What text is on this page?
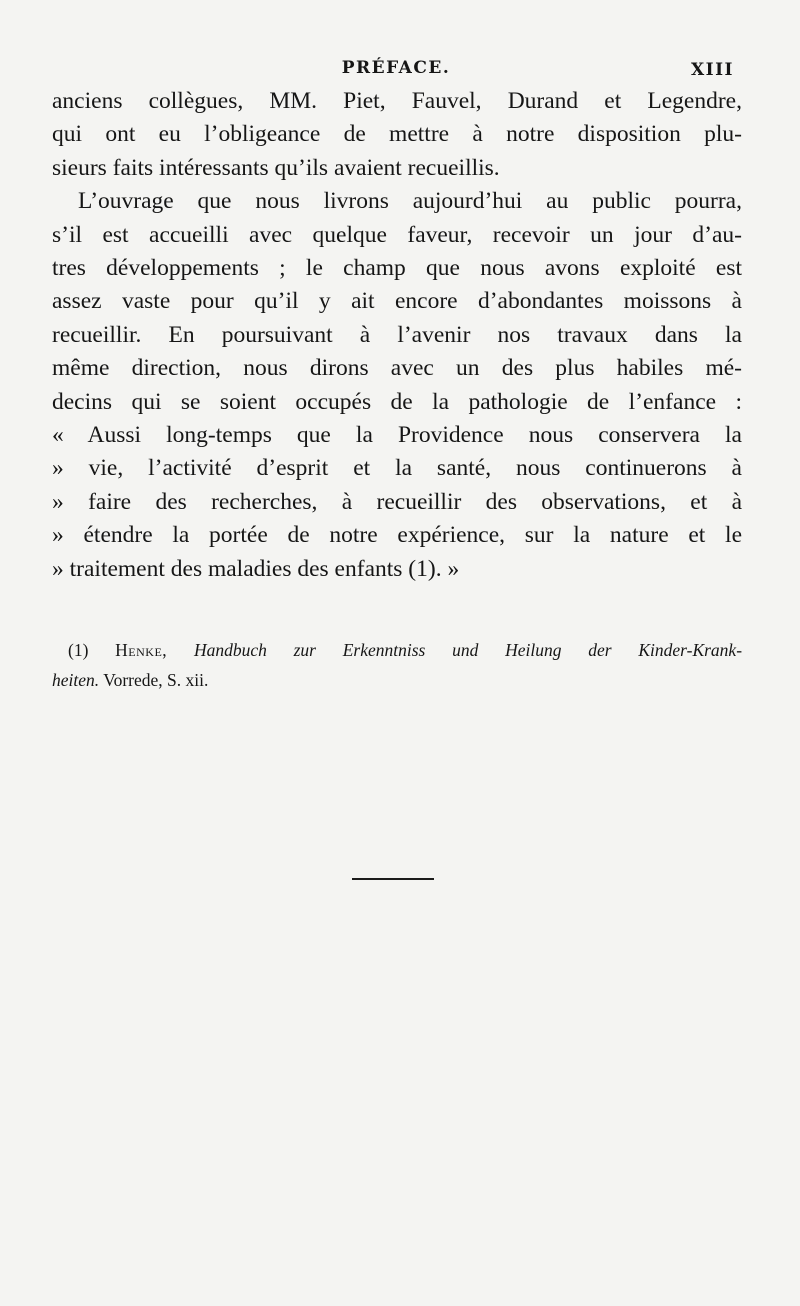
PRÉFACE.	XIII
anciens collègues, MM. Piet, Fauvel, Durand et Legendre,
qui ont eu l’obligeance de mettre à notre disposition plu-
sieurs faits intéressants qu’ils avaient recueillis.
L’ouvrage que nous livrons aujourd’hui au public pourra,
s’il est accueilli avec quelque faveur, recevoir un jour d’au-
tres développements ; le champ que nous avons exploité est
assez vaste pour qu’il y ait encore d’abondantes moissons à
recueillir. En poursuivant à l’avenir nos travaux dans la
même direction, nous dirons avec un des plus habiles mé-
decins qui se soient occupés de la pathologie de l’enfance :
« Aussi long-temps que la Providence nous conservera la
» vie, l’activité d’esprit et la santé, nous continuerons à
» faire des recherches, à recueillir des observations, et à
» étendre la portée de notre expérience, sur la nature et le
» traitement des maladies des enfants (1). »
(1) Henke, Handbuch zur Erkenntniss und Heilung der Kinder-Krank-
heiten. Vorrede, S. xii.
